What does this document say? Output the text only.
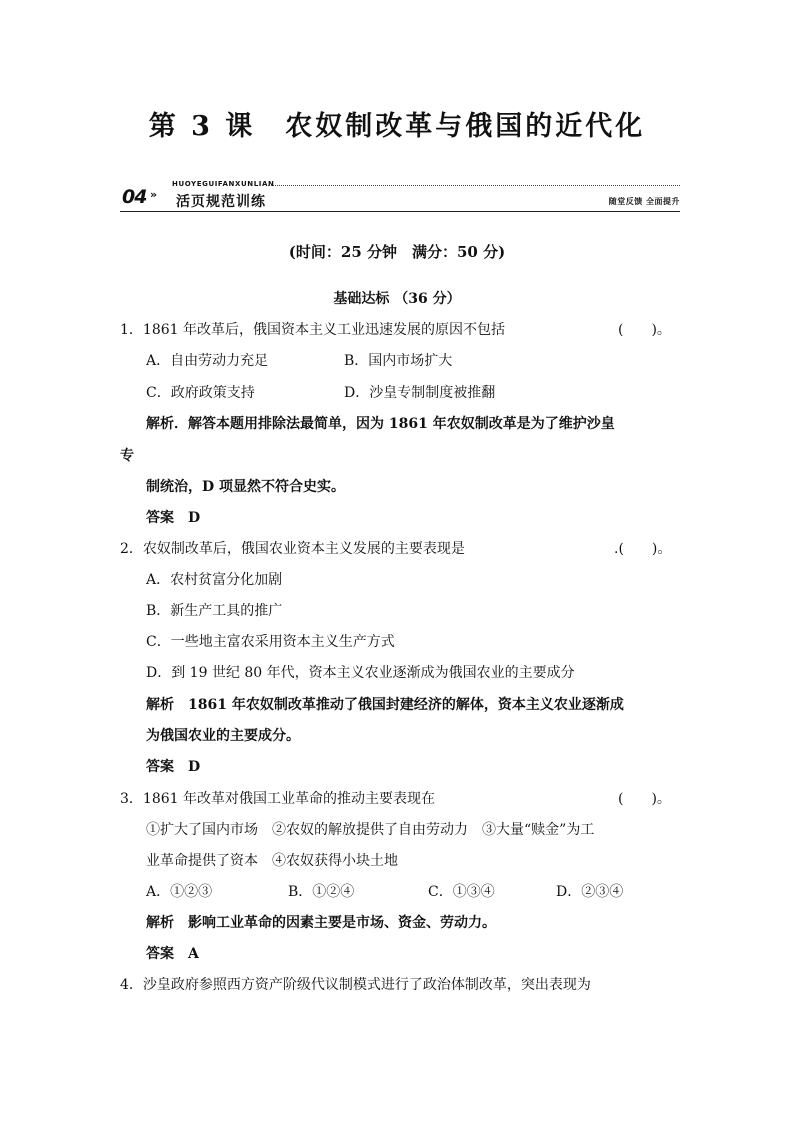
第 3 课　农奴制改革与俄国的近代化
04 »
HUOYEGUIFANXUNLIAN
活页规范训练	随堂反馈 全面提升
(时间：25 分钟　满分：50 分)
基础达标 （36 分）
1．1861 年改革后，俄国资本主义工业迅速发展的原因不包括	(　　)。
A．自由劳动力充足	B．国内市场扩大
C．政府政策支持	D．沙皇专制制度被推翻
解析．解答本题用排除法最简单，因为 1861 年农奴制改革是为了维护沙皇
专
制统治，D 项显然不符合史实。
答案　D
2．农奴制改革后，俄国农业资本主义发展的主要表现是	.(　　)。
A．农村贫富分化加剧
B．新生产工具的推广
C．一些地主富农采用资本主义生产方式
D．到 19 世纪 80 年代，资本主义农业逐渐成为俄国农业的主要成分
解析　1861 年农奴制改革推动了俄国封建经济的解体，资本主义农业逐渐成
为俄国农业的主要成分。
答案　D
3．1861 年改革对俄国工业革命的推动主要表现在	(　　)。
①扩大了国内市场　②农奴的解放提供了自由劳动力　③大量“赎金”为工
业革命提供了资本　④农奴获得小块土地
A．①②③	B．①②④	C．①③④	D．②③④
解析　影响工业革命的因素主要是市场、资金、劳动力。
答案　A
4．沙皇政府参照西方资产阶级代议制模式进行了政治体制改革，突出表现为
